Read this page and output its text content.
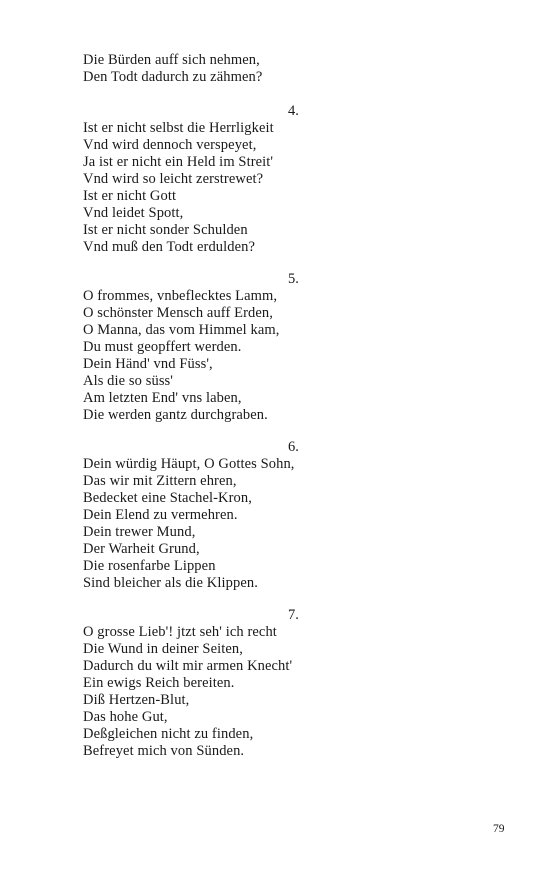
Die Bürden auff sich nehmen,
Den Todt dadurch zu zähmen?
4.
Ist er nicht selbst die Herrligkeit
Vnd wird dennoch verspeyet,
Ja ist er nicht ein Held im Streit'
Vnd wird so leicht zerstrewet?
Ist er nicht Gott
Vnd leidet Spott,
Ist er nicht sonder Schulden
Vnd muß den Todt erdulden?
5.
O frommes, vnbeflecktes Lamm,
O schönster Mensch auff Erden,
O Manna, das vom Himmel kam,
Du must geopffert werden.
Dein Händ' vnd Füss',
Als die so süss'
Am letzten End' vns laben,
Die werden gantz durchgraben.
6.
Dein würdig Häupt, O Gottes Sohn,
Das wir mit Zittern ehren,
Bedecket eine Stachel-Kron,
Dein Elend zu vermehren.
Dein trewer Mund,
Der Warheit Grund,
Die rosenfarbe Lippen
Sind bleicher als die Klippen.
7.
O grosse Lieb'! jtzt seh' ich recht
Die Wund in deiner Seiten,
Dadurch du wilt mir armen Knecht'
Ein ewigs Reich bereiten.
Diß Hertzen-Blut,
Das hohe Gut,
Deßgleichen nicht zu finden,
Befreyet mich von Sünden.
79
